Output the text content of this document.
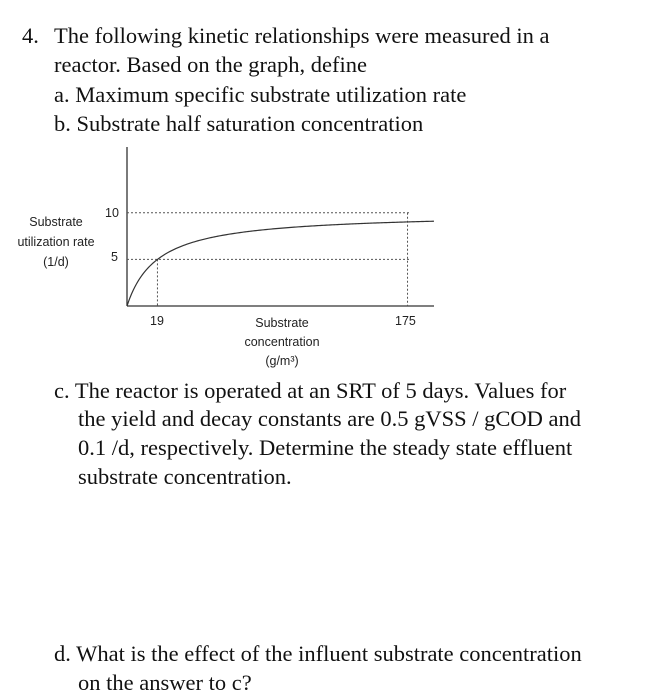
4. The following kinetic relationships were measured in a
reactor. Based on the graph, define
a. Maximum specific substrate utilization rate
b. Substrate half saturation concentration
Substrate
utilization rate
(1/d)
10
5
19	175
Substrate
concentration
(g/m³)
c. The reactor is operated at an SRT of 5 days. Values for
the yield and decay constants are 0.5 gVSS / gCOD and
0.1 /d, respectively. Determine the steady state effluent
substrate concentration.
d. What is the effect of the influent substrate concentration
on the answer to c?
